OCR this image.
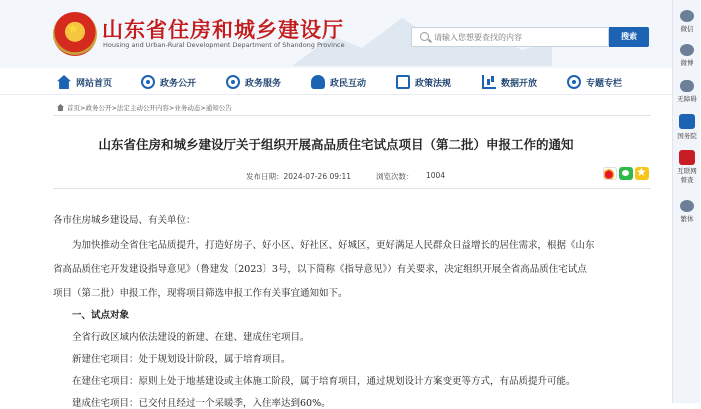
★ 山东省住房和城乡建设厅
Housing and Urban-Rural Development Department of Shandong Province
请输入您想要查找的内容
搜索
网站首页	政务公开	政务服务	政民互动	政策法规	数据开放	专题专栏
首页>政务公开>法定主动公开内容>业务动态>通知公告
山东省住房和城乡建设厅关于组织开展高品质住宅试点项目（第二批）申报工作的通知
发布日期：2024-07-26 09:11	浏览次数： 1004
★

各市住房城乡建设局、有关单位：

为加快推动全省住宅品质提升，打造好房子、好小区、好社区、好城区，更好满足人民群众日益增长的居住需求，根据《山东

省高品质住宅开发建设指导意见》（鲁建发〔2023〕3号，以下简称《指导意见》）有关要求，决定组织开展全省高品质住宅试点

项目（第二批）申报工作，现将项目筛选申报工作有关事宜通知如下。

一、试点对象

全省行政区域内依法建设的新建、在建、建成住宅项目。

新建住宅项目：处于规划设计阶段，属于培育项目。

在建住宅项目：原则上处于地基建设或主体施工阶段，属于培育项目，通过规划设计方案变更等方式，有品质提升可能。

建成住宅项目：已交付且经过一个采暖季，入住率达到60%。

微信
微博
无障碍
国务院
互联网督查
繁体
